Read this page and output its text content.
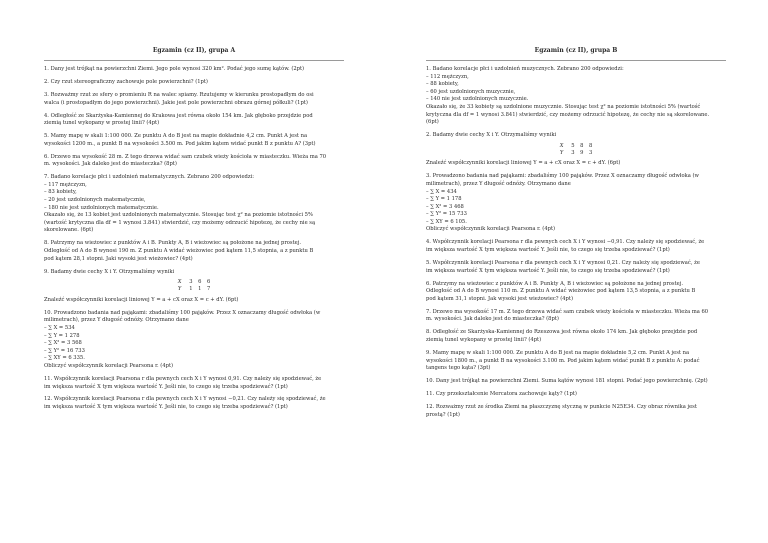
Egzamin (cz II), grupa A
1. Dany jest trójkąt na powierzchni Ziemi. Jego pole wynosi 320 km². Podać jego sumę kątów. (2pt)
2. Czy rzut stereograficzny zachowuje pole powierzchni? (1pt)
3. Rozważmy rzut ze sfery o promieniu R na walec spiamy. Rzutujemy w kierunku prostopadłym do osi
walca (i prostopadłym do jego powierzchni). Jakie jest pole powierzchni obrazu górnej półkuli? (1pt)
4. Odległość ze Skarżyska-Kamiennej do Krakowa jest równa około 154 km. Jak głęboko przejdzie pod
ziemią tunel wykopany w prostej linii? (4pt)
5. Mamy mapę w skali 1:100 000. Ze punktu A do B jest na mapie dokładnie 4,2 cm. Punkt A jest na
wysokości 1200 m., a punkt B na wysokości 3.500 m. Pod jakim kątem widać punkt B z punktu A? (3pt)
6. Drzewo ma wysokość 28 m. Z tego drzewa widać sam czubek wieży kościoła w miasteczku. Wieża ma 70
m. wysokości. Jak daleko jest do miasteczka? (8pt)
7. Badano korelacje płci i uzdolnień matematycznych. Zebrano 200 odpowiedzi:
– 117 mężczyzn,
– 83 kobiety,
– 20 jest uzdolnionych matematycznie,
– 180 nie jest uzdolnionych matematycznie.
Okazało się, że 13 kobiet jest uzdolnionych matematycznie. Stosując test χ² na poziomie istotności 5%
(wartość krytyczna dla df = 1 wynosi 3.841) stwierdzić, czy możemy odrzucić hipotezę, że cechy nie są
skorelowane. (6pt)
8. Patrzymy na wieżowiec z punktów A i B. Punkty A, B i wieżowiec są położone na jednej prostej.
Odległość od A do B wynosi 190 m. Z punktu A widać wieżowiec pod kątem 11,5 stopnia, a z punktu B
pod kątem 28,1 stopni. Jaki wysoki jest wieżowiec? (4pt)
9. Badamy dwie cechy X i Y. Otrzymaliśmy wyniki
X	3	6	6
Y	1	1	7
Znaleźć współczynniki korelacji liniowej Y = a + cX oraz X = c + dY. (6pt)
10. Prowadzono badania nad pająkami: zbadaliśmy 100 pająków. Przez X oznaczamy długość odwłoka (w
milimetrach), przez Y długość odnóży. Otrzymano dane
– ∑ X = 534
– ∑ Y = 1 278
– ∑ X² = 3 568
– ∑ Y² = 16 733
– ∑ XY = 6 335.
Obliczyć współczynnik korelacji Pearsona r. (4pt)
11. Współczynnik korelacji Pearsona r dla pewnych cech X i Y wynosi 0,91. Czy należy się spodziewać, że
im większa wartość X tym większa wartość Y. Jeśli nie, to czego się trzeba spodziewać? (1pt)
12. Współczynnik korelacji Pearsona r dla pewnych cech X i Y wynosi −0,21. Czy należy się spodziewać, że
im większa wartość X tym większa wartość Y. Jeśli nie, to czego się trzeba spodziewać? (1pt)
Egzamin (cz II), grupa B
1. Badano korelacje płci i uzdolnień muzycznych. Zebrano 200 odpowiedzi:
– 112 mężczyzn,
– 88 kobiety,
– 60 jest uzdolnionych muzycznie,
– 140 nie jest uzdolnionych muzycznie.
Okazało się, że 33 kobiety są uzdolnione muzycznie. Stosując test χ² na poziomie istotności 5% (wartość
krytyczna dla df = 1 wynosi 3.841) stwierdzić, czy możemy odrzucić hipotezę, że cechy nie są skorelowane.
(6pt)
2. Badamy dwie cechy X i Y. Otrzymaliśmy wyniki
X	5	8	8
Y	3	9	3
Znaleźć współczynniki korelacji liniowej Y = a + cX oraz X = c + dY. (6pt)
3. Prowadzono badania nad pająkami: zbadaliśmy 100 pająków. Przez X oznaczamy długość odwłoka (w
milimetrach), przez Y długość odnóży. Otrzymano dane
– ∑ X = 434
– ∑ Y = 1 178
– ∑ X² = 3 468
– ∑ Y² = 15 733
– ∑ XY = 6 105.
Obliczyć współczynnik korelacji Pearsona r. (4pt)
4. Współczynnik korelacji Pearsona r dla pewnych cech X i Y wynosi −0,91. Czy należy się spodziewać, że
im większa wartość X tym większa wartość Y. Jeśli nie, to czego się trzeba spodziewać? (1pt)
5. Współczynnik korelacji Pearsona r dla pewnych cech X i Y wynosi 0,21. Czy należy się spodziewać, że
im większa wartość X tym większa wartość Y. Jeśli nie, to czego się trzeba spodziewać? (1pt)
6. Patrzymy na wieżowiec z punktów A i B. Punkty A, B i wieżowiec są położone na jednej prostej.
Odległość od A do B wynosi 110 m. Z punktu A widać wieżowiec pod kątem 13,5 stopnia, a z punktu B
pod kątem 31,1 stopni. Jak wysoki jest wieżowiec? (4pt)
7. Drzewo ma wysokość 17 m. Z tego drzewa widać sam czubek wieży kościoła w miasteczku. Wieża ma 60
m. wysokości. Jak daleko jest do miasteczka? (8pt)
8. Odległość ze Skarżyska-Kamiennej do Rzeszowa jest równa około 174 km. Jak głęboko przejdzie pod
ziemią tunel wykopany w prostej linii? (4pt)
9. Mamy mapę w skali 1:100 000. Ze punktu A do B jest na mapie dokładnie 5,2 cm. Punkt A jest na
wysokości 1800 m., a punkt B na wysokości 3.100 m. Pod jakim kątem widać punkt B z punktu A: podać
tangens tego kąta? (3pt)
10. Dany jest trójkąt na powierzchni Ziemi. Suma kątów wynosi 181 stopni. Podać jego powierzchnię. (2pt)
11. Czy przekształcenie Mercatora zachowuje kąty? (1pt)
12. Rozważmy rzut ze środka Ziemi na płaszczyznę styczną w punkcie N25E34. Czy obraz równika jest
prostą? (1pt)
